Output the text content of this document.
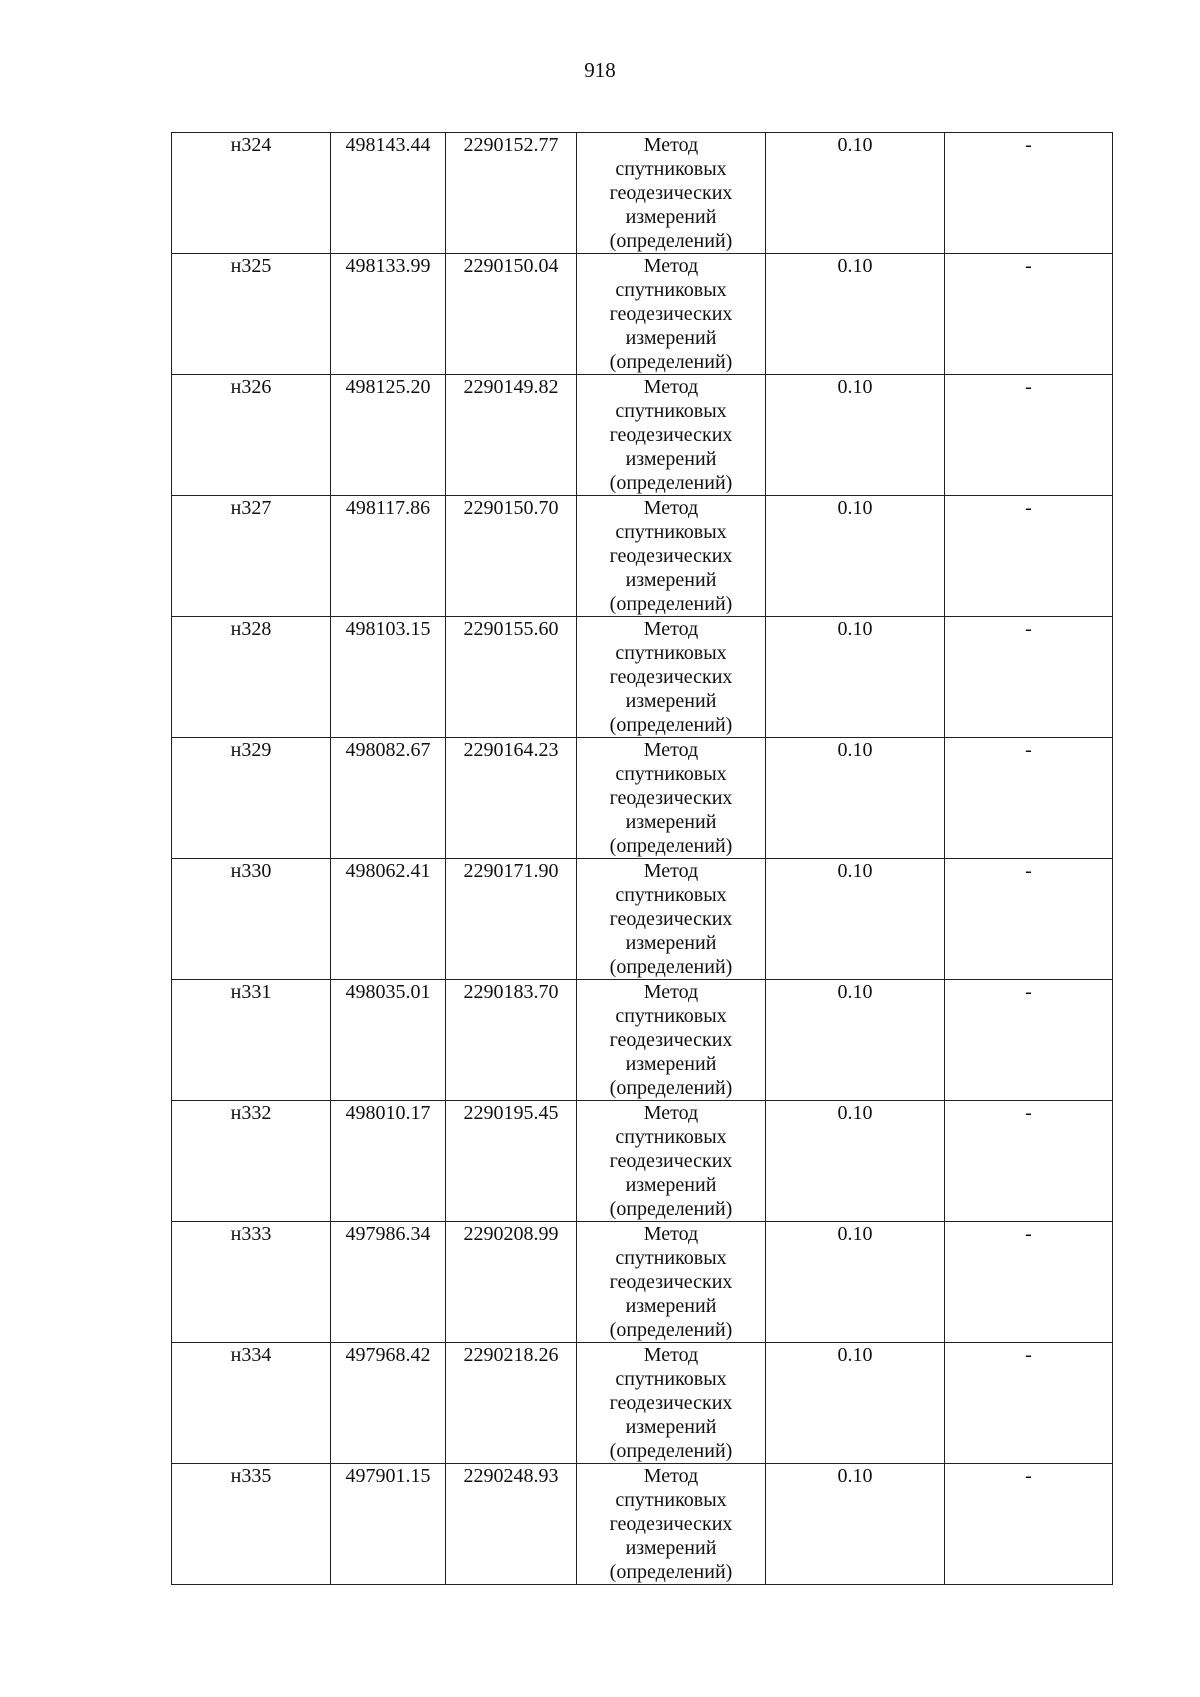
918
н324	498143.44	2290152.77	Метод
спутниковых
геодезических
измерений
(определений)	0.10	-
н325	498133.99	2290150.04	Метод
спутниковых
геодезических
измерений
(определений)	0.10	-
н326	498125.20	2290149.82	Метод
спутниковых
геодезических
измерений
(определений)	0.10	-
н327	498117.86	2290150.70	Метод
спутниковых
геодезических
измерений
(определений)	0.10	-
н328	498103.15	2290155.60	Метод
спутниковых
геодезических
измерений
(определений)	0.10	-
н329	498082.67	2290164.23	Метод
спутниковых
геодезических
измерений
(определений)	0.10	-
н330	498062.41	2290171.90	Метод
спутниковых
геодезических
измерений
(определений)	0.10	-
н331	498035.01	2290183.70	Метод
спутниковых
геодезических
измерений
(определений)	0.10	-
н332	498010.17	2290195.45	Метод
спутниковых
геодезических
измерений
(определений)	0.10	-
н333	497986.34	2290208.99	Метод
спутниковых
геодезических
измерений
(определений)	0.10	-
н334	497968.42	2290218.26	Метод
спутниковых
геодезических
измерений
(определений)	0.10	-
н335	497901.15	2290248.93	Метод
спутниковых
геодезических
измерений
(определений)	0.10	-
